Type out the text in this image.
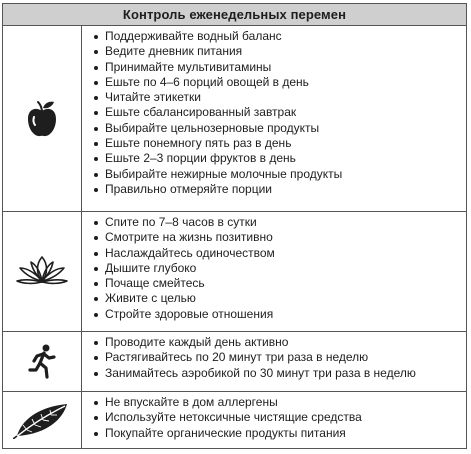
Контроль еженедельных перемен
Поддерживайте водный баланс
Ведите дневник питания
Принимайте мультивитамины
Ешьте по 4–6 порций овощей в день
Читайте этикетки
Ешьте сбалансированный завтрак
Выбирайте цельнозерновые продукты
Ешьте понемногу пять раз в день
Ешьте 2–3 порции фруктов в день
Выбирайте нежирные молочные продукты
Правильно отмеряйте порции
Спите по 7–8 часов в сутки
Смотрите на жизнь позитивно
Наслаждайтесь одиночеством
Дышите глубоко
Почаще смейтесь
Живите с целью
Стройте здоровые отношения
Проводите каждый день активно
Растягивайтесь по 20 минут три раза в неделю
Занимайтесь аэробикой по 30 минут три раза в неделю
Не впускайте в дом аллергены
Используйте нетоксичные чистящие средства
Покупайте органические продукты питания
